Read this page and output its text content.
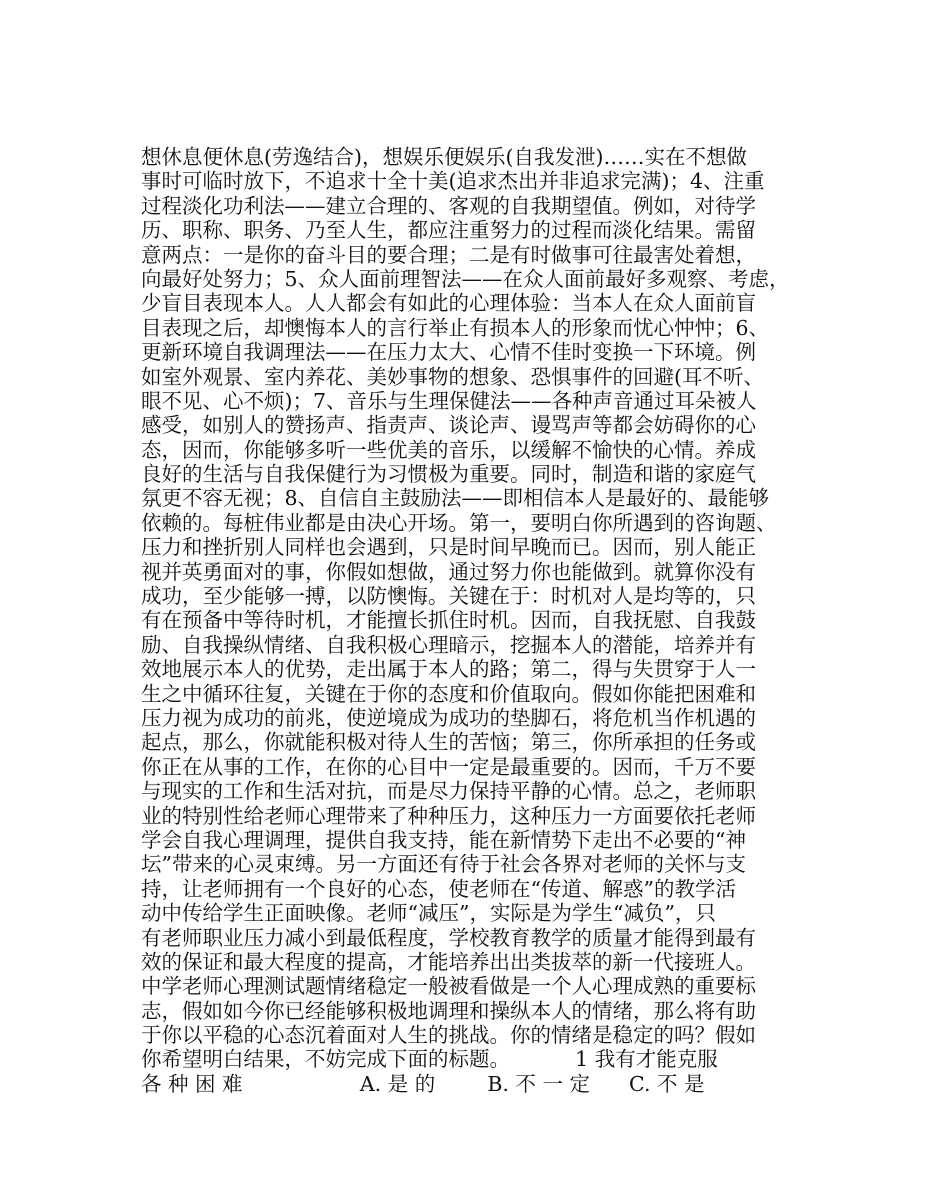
想休息便休息(劳逸结合)，想娱乐便娱乐(自我发泄)……实在不想做
事时可临时放下，不追求十全十美(追求杰出并非追求完满)；4、注重
过程淡化功利法——建立合理的、客观的自我期望值。例如，对待学
历、职称、职务、乃至人生，都应注重努力的过程而淡化结果。需留
意两点：一是你的奋斗目的要合理；二是有时做事可往最害处着想，
向最好处努力；5、众人面前理智法——在众人面前最好多观察、考虑，
少盲目表现本人。人人都会有如此的心理体验：当本人在众人面前盲
目表现之后，却懊悔本人的言行举止有损本人的形象而忧心忡忡；6、
更新环境自我调理法——在压力太大、心情不佳时变换一下环境。例
如室外观景、室内养花、美妙事物的想象、恐惧事件的回避(耳不听、
眼不见、心不烦)；7、音乐与生理保健法——各种声音通过耳朵被人
感受，如别人的赞扬声、指责声、谈论声、谩骂声等都会妨碍你的心
态，因而，你能够多听一些优美的音乐，以缓解不愉快的心情。养成
良好的生活与自我保健行为习惯极为重要。同时，制造和谐的家庭气
氛更不容无视；8、自信自主鼓励法——即相信本人是最好的、最能够
依赖的。每桩伟业都是由决心开场。第一，要明白你所遇到的咨询题、
压力和挫折别人同样也会遇到，只是时间早晚而已。因而，别人能正
视并英勇面对的事，你假如想做，通过努力你也能做到。就算你没有
成功，至少能够一搏，以防懊悔。关键在于：时机对人是均等的，只
有在预备中等待时机，才能擅长抓住时机。因而，自我抚慰、自我鼓
励、自我操纵情绪、自我积极心理暗示，挖掘本人的潜能，培养并有
效地展示本人的优势，走出属于本人的路；第二，得与失贯穿于人一
生之中循环往复，关键在于你的态度和价值取向。假如你能把困难和
压力视为成功的前兆，使逆境成为成功的垫脚石，将危机当作机遇的
起点，那么，你就能积极对待人生的苦恼；第三，你所承担的任务或
你正在从事的工作，在你的心目中一定是最重要的。因而，千万不要
与现实的工作和生活对抗，而是尽力保持平静的心情。总之，老师职
业的特别性给老师心理带来了种种压力，这种压力一方面要依托老师
学会自我心理调理，提供自我支持，能在新情势下走出不必要的“神
坛”带来的心灵束缚。另一方面还有待于社会各界对老师的关怀与支
持，让老师拥有一个良好的心态，使老师在“传道、解惑”的教学活
动中传给学生正面映像。老师“减压”，实际是为学生“减负”，只
有老师职业压力减小到最低程度，学校教育教学的质量才能得到最有
效的保证和最大程度的提高，才能培养出出类拔萃的新一代接班人。
中学老师心理测试题情绪稳定一般被看做是一个人心理成熟的重要标
志，假如如今你已经能够积极地调理和操纵本人的情绪，那么将有助
于你以平稳的心态沉着面对人生的挑战。你的情绪是稳定的吗？假如
你希望明白结果，不妨完成下面的标题。          1 我有才能克服
各 种 困 难                  A. 是 的        B. 不 一 定      C. 不 是
